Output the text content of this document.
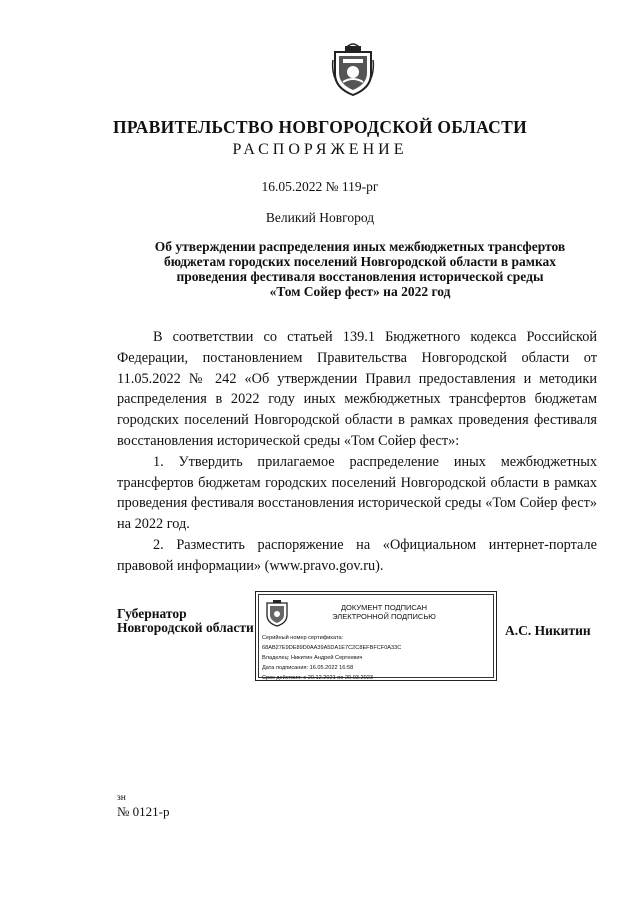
ПРАВИТЕЛЬСТВО НОВГОРОДСКОЙ ОБЛАСТИ
РАСПОРЯЖЕНИЕ
16.05.2022 № 119-рг
Великий Новгород
Об утверждении распределения иных межбюджетных трансфертов
бюджетам городских поселений Новгородской области в рамках
проведения фестиваля восстановления исторической среды
«Том Сойер фест» на 2022 год

В соответствии со статьей 139.1 Бюджетного кодекса Российской Федерации, постановлением Правительства Новгородской области от 11.05.2022 № 242 «Об утверждении Правил предоставления и методики распределения в 2022 году иных межбюджетных трансфертов бюджетам городских поселений Новгородской области в рамках проведения фестиваля восстановления исторической среды «Том Сойер фест»:

1. Утвердить прилагаемое распределение иных межбюджетных трансфертов бюджетам городских поселений Новгородской области в рамках проведения фестиваля восстановления исторической среды «Том Сойер фест» на 2022 год.

2. Разместить распоряжение на «Официальном интернет-портале правовой информации» (www.pravo.gov.ru).

Губернатор
Новгородской области
ДОКУМЕНТ ПОДПИСАН
ЭЛЕКТРОННОЙ ПОДПИСЬЮ
Серийный номер сертификата:
68AB27E9DE89D0AA39A5DA1E7C2C8EFBFCF0A33C
Владелец: Никитин Андрей Сергеевич
Дата подписания: 16.05.2022 16:58
Срок действия: с 20.12.2021 по 20.03.2023
А.С. Никитин
зн
№ 0121-р
